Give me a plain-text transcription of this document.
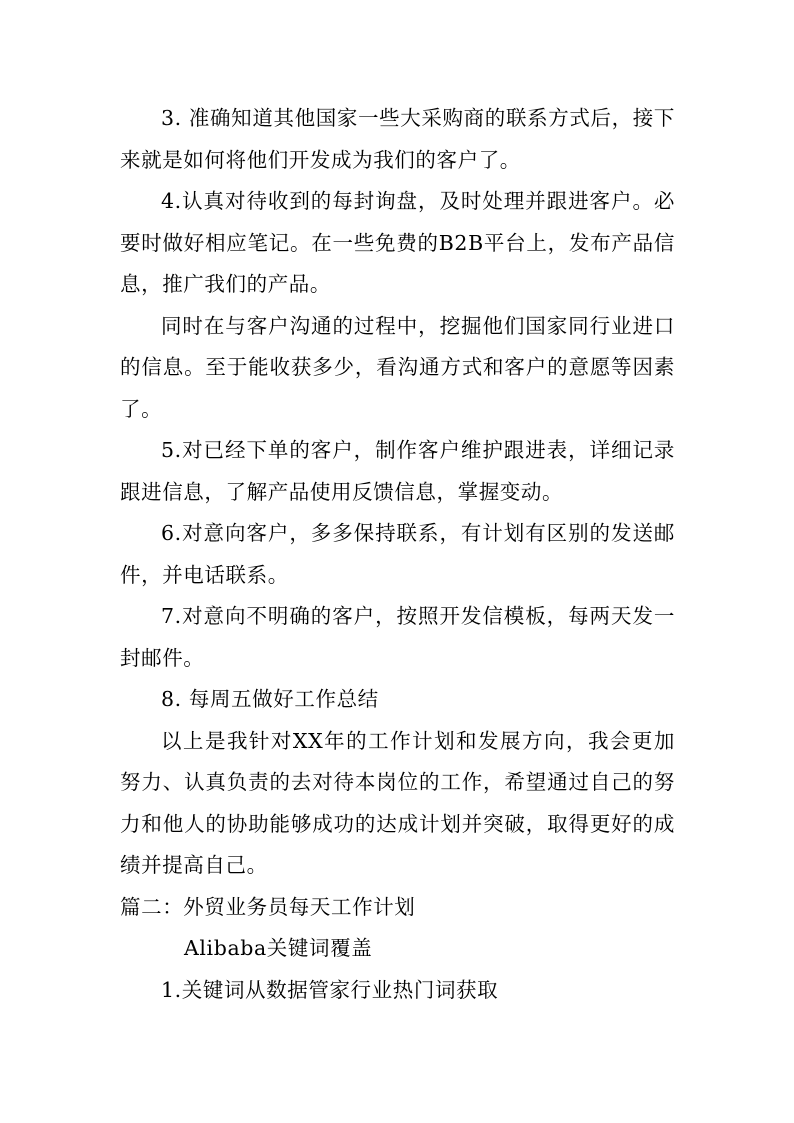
3. 准确知道其他国家一些大采购商的联系方式后，接下来就是如何将他们开发成为我们的客户了。

4.认真对待收到的每封询盘，及时处理并跟进客户。必要时做好相应笔记。在一些免费的B2B平台上，发布产品信息，推广我们的产品。

同时在与客户沟通的过程中，挖掘他们国家同行业进口的信息。至于能收获多少，看沟通方式和客户的意愿等因素了。

5.对已经下单的客户，制作客户维护跟进表，详细记录跟进信息，了解产品使用反馈信息，掌握变动。

6.对意向客户，多多保持联系，有计划有区别的发送邮件，并电话联系。

7.对意向不明确的客户，按照开发信模板，每两天发一封邮件。

8. 每周五做好工作总结

以上是我针对XX年的工作计划和发展方向，我会更加努力、认真负责的去对待本岗位的工作，希望通过自己的努力和他人的协助能够成功的达成计划并突破，取得更好的成绩并提高自己。

篇二：外贸业务员每天工作计划

Alibaba关键词覆盖

1.关键词从数据管家行业热门词获取
